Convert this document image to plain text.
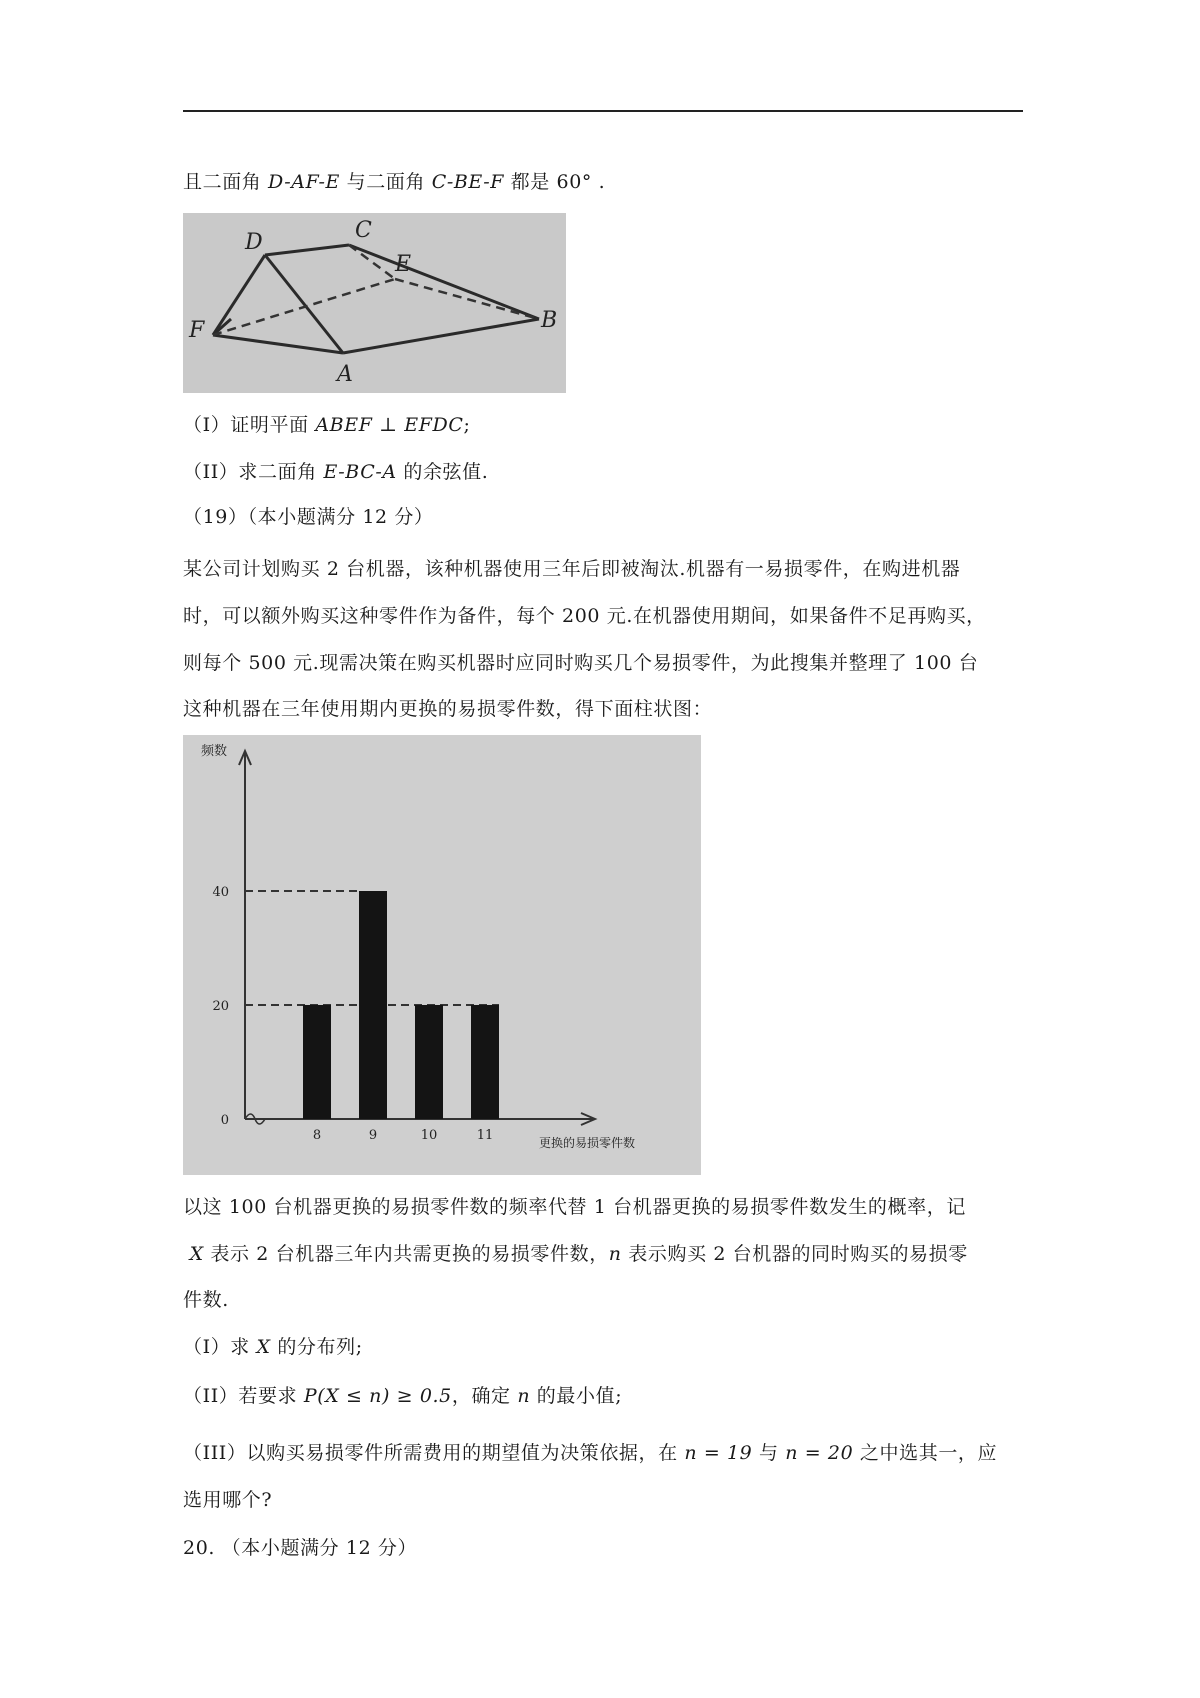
且二面角 D-AF-E 与二面角 C-BE-F 都是 60° .
D	C
E
F	B
A
（I）证明平面 ABEF ⊥ EFDC;
（II）求二面角 E-BC-A 的余弦值.
（19）（本小题满分 12 分）
某公司计划购买 2 台机器，该种机器使用三年后即被淘汰.机器有一易损零件，在购进机器
时，可以额外购买这种零件作为备件，每个 200 元.在机器使用期间，如果备件不足再购买，
则每个 500 元.现需决策在购买机器时应同时购买几个易损零件，为此搜集并整理了 100 台
这种机器在三年使用期内更换的易损零件数，得下面柱状图：
40
20
0
8	9	10	11
频数
更换的易损零件数
以这 100 台机器更换的易损零件数的频率代替 1 台机器更换的易损零件数发生的概率，记
X 表示 2 台机器三年内共需更换的易损零件数，n 表示购买 2 台机器的同时购买的易损零
件数.
（I）求 X 的分布列;
（II）若要求 P(X ≤ n) ≥ 0.5，确定 n 的最小值;
（III）以购买易损零件所需费用的期望值为决策依据，在 n = 19 与 n = 20 之中选其一，应
选用哪个?
20. （本小题满分 12 分）
